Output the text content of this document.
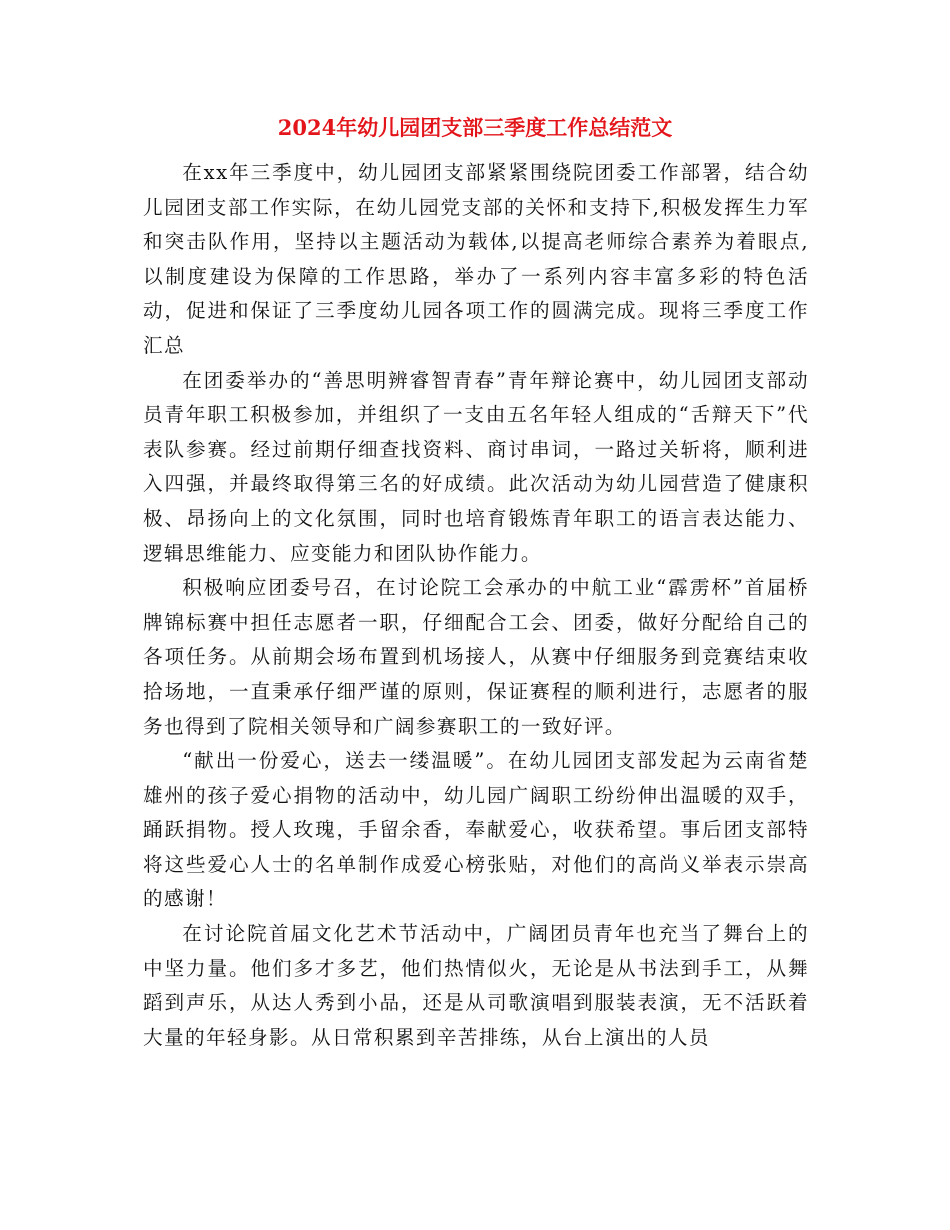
2024年幼儿园团支部三季度工作总结范文

在xx年三季度中，幼儿园团支部紧紧围绕院团委工作部署，结合幼儿园团支部工作实际，在幼儿园党支部的关怀和支持下,积极发挥生力军和突击队作用，坚持以主题活动为载体,以提高老师综合素养为着眼点,以制度建设为保障的工作思路，举办了一系列内容丰富多彩的特色活动，促进和保证了三季度幼儿园各项工作的圆满完成。现将三季度工作汇总

在团委举办的“善思明辨睿智青春”青年辩论赛中，幼儿园团支部动员青年职工积极参加，并组织了一支由五名年轻人组成的“舌辩天下”代表队参赛。经过前期仔细查找资料、商讨串词，一路过关斩将，顺利进入四强，并最终取得第三名的好成绩。此次活动为幼儿园营造了健康积极、昂扬向上的文化氛围，同时也培育锻炼青年职工的语言表达能力、逻辑思维能力、应变能力和团队协作能力。

积极响应团委号召，在讨论院工会承办的中航工业“霹雳杯”首届桥牌锦标赛中担任志愿者一职，仔细配合工会、团委，做好分配给自己的各项任务。从前期会场布置到机场接人，从赛中仔细服务到竞赛结束收拾场地，一直秉承仔细严谨的原则，保证赛程的顺利进行，志愿者的服务也得到了院相关领导和广阔参赛职工的一致好评。

“献出一份爱心，送去一缕温暖”。在幼儿园团支部发起为云南省楚雄州的孩子爱心捐物的活动中，幼儿园广阔职工纷纷伸出温暖的双手，踊跃捐物。授人玫瑰，手留余香，奉献爱心，收获希望。事后团支部特将这些爱心人士的名单制作成爱心榜张贴，对他们的高尚义举表示崇高的感谢！

在讨论院首届文化艺术节活动中，广阔团员青年也充当了舞台上的中坚力量。他们多才多艺，他们热情似火，无论是从书法到手工，从舞蹈到声乐，从达人秀到小品，还是从司歌演唱到服装表演，无不活跃着大量的年轻身影。从日常积累到辛苦排练，从台上演出的人员
